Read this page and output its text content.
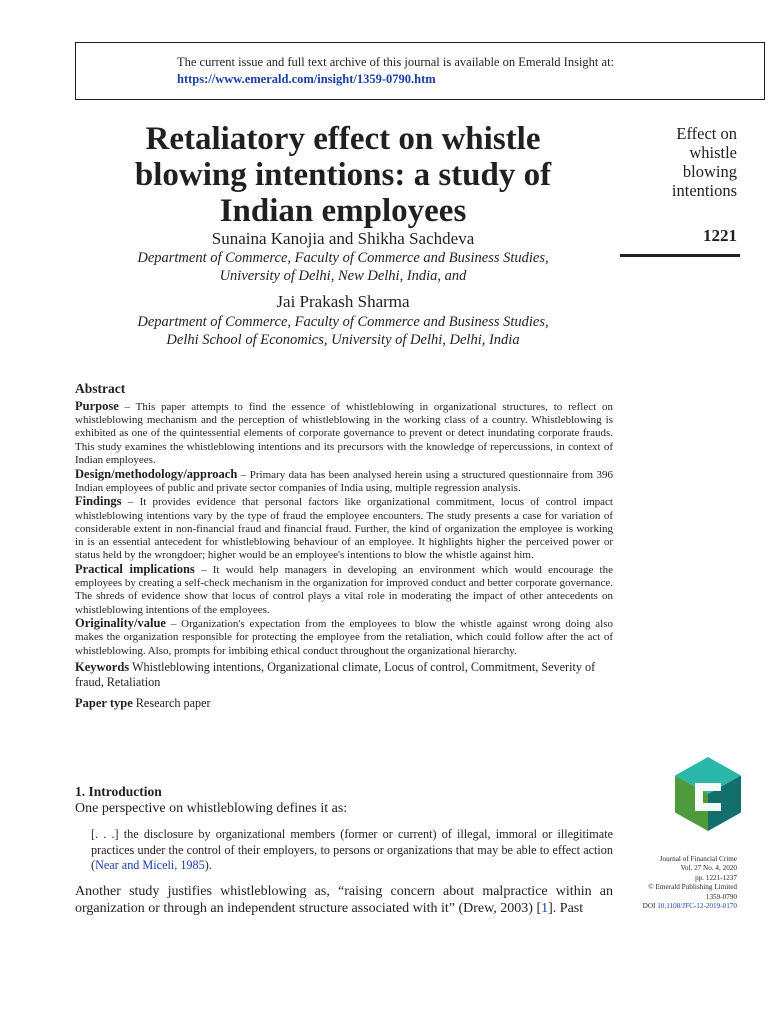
The current issue and full text archive of this journal is available on Emerald Insight at:
https://www.emerald.com/insight/1359-0790.htm
Retaliatory effect on whistle
blowing intentions: a study of
Indian employees
Sunaina Kanojia and Shikha Sachdeva
Department of Commerce, Faculty of Commerce and Business Studies,
University of Delhi, New Delhi, India, and
Jai Prakash Sharma
Department of Commerce, Faculty of Commerce and Business Studies,
Delhi School of Economics, University of Delhi, Delhi, India
Effect on
whistle
blowing
intentions
1221
Abstract

Purpose – This paper attempts to find the essence of whistleblowing in organizational structures, to reflect on whistleblowing mechanism and the perception of whistleblowing in the working class of a country. Whistleblowing is exhibited as one of the quintessential elements of corporate governance to prevent or detect inundating corporate frauds. This study examines the whistleblowing intentions and its precursors with the knowledge of repercussions, in context of Indian employees.

Design/methodology/approach – Primary data has been analysed herein using a structured questionnaire from 396 Indian employees of public and private sector companies of India using, multiple regression analysis.

Findings – It provides evidence that personal factors like organizational commitment, locus of control impact whistleblowing intentions vary by the type of fraud the employee encounters. The study presents a case for variation of considerable extent in non-financial fraud and financial fraud. Further, the kind of organization the employee is working in is an essential antecedent for whistleblowing behaviour of an employee. It highlights higher the perceived power or status held by the wrongdoer; higher would be an employee's intentions to blow the whistle against him.

Practical implications – It would help managers in developing an environment which would encourage the employees by creating a self-check mechanism in the organization for improved conduct and better corporate governance. The shreds of evidence show that locus of control plays a vital role in moderating the impact of other antecedents on whistleblowing intentions of the employees.

Originality/value – Organization's expectation from the employees to blow the whistle against wrong doing also makes the organization responsible for protecting the employee from the retaliation, which could follow after the act of whistleblowing. Also, prompts for imbibing ethical conduct throughout the organizational hierarchy.

Keywords Whistleblowing intentions, Organizational climate, Locus of control, Commitment, Severity of fraud, Retaliation

Paper type Research paper

1. Introduction

One perspective on whistleblowing defines it as:

[. . .] the disclosure by organizational members (former or current) of illegal, immoral or illegitimate practices under the control of their employers, to persons or organizations that may be able to effect action (Near and Miceli, 1985).

Another study justifies whistleblowing as, “raising concern about malpractice within an organization or through an independent structure associated with it” (Drew, 2003) [1]. Past

Journal of Financial Crime
Vol. 27 No. 4, 2020
pp. 1221-1237
© Emerald Publishing Limited
1359-0790
DOI 10.1108/JFC-12-2019-0170
